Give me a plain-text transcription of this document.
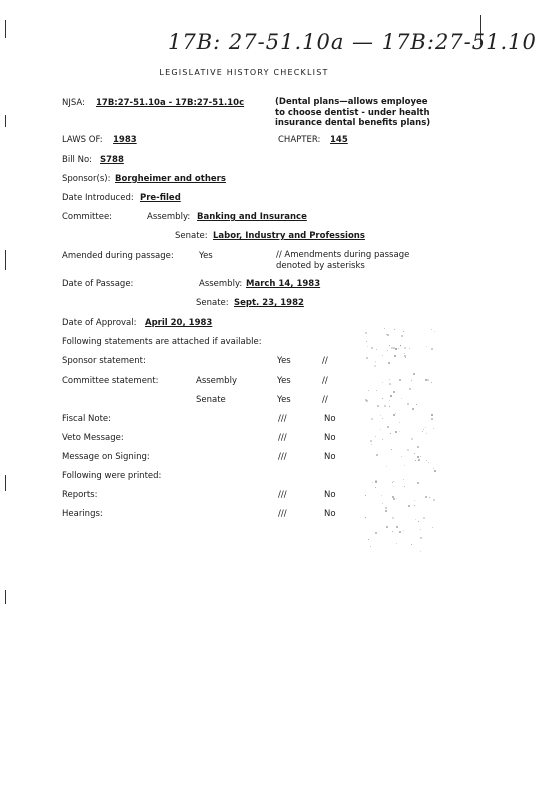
17B: 27-51.10a — 17B:27-51.10
LEGISLATIVE HISTORY CHECKLIST
NJSA: 17B:27-51.10a - 17B:27-51.10c	(Dental plans—allows employee
to choose dentist - under health
insurance dental benefits plans)
LAWS OF: 1983	CHAPTER: 145
Bill No: S788
Sponsor(s): Borgheimer and others
Date Introduced: Pre-filed
Committee:	Assembly: Banking and Insurance
Senate: Labor, Industry and Professions
Amended during passage:	Yes	// Amendments during passage
denoted by asterisks
Date of Passage:	Assembly: March 14, 1983
Senate: Sept. 23, 1982
Date of Approval: April 20, 1983
Following statements are attached if available:
Sponsor statement:	Yes	//
Committee statement:	Assembly	Yes	//
Senate	Yes	//
Fiscal Note:	///	No
Veto Message:	///	No
Message on Signing:	///	No
Following were printed:
Reports:	///	No
Hearings:	///	No
